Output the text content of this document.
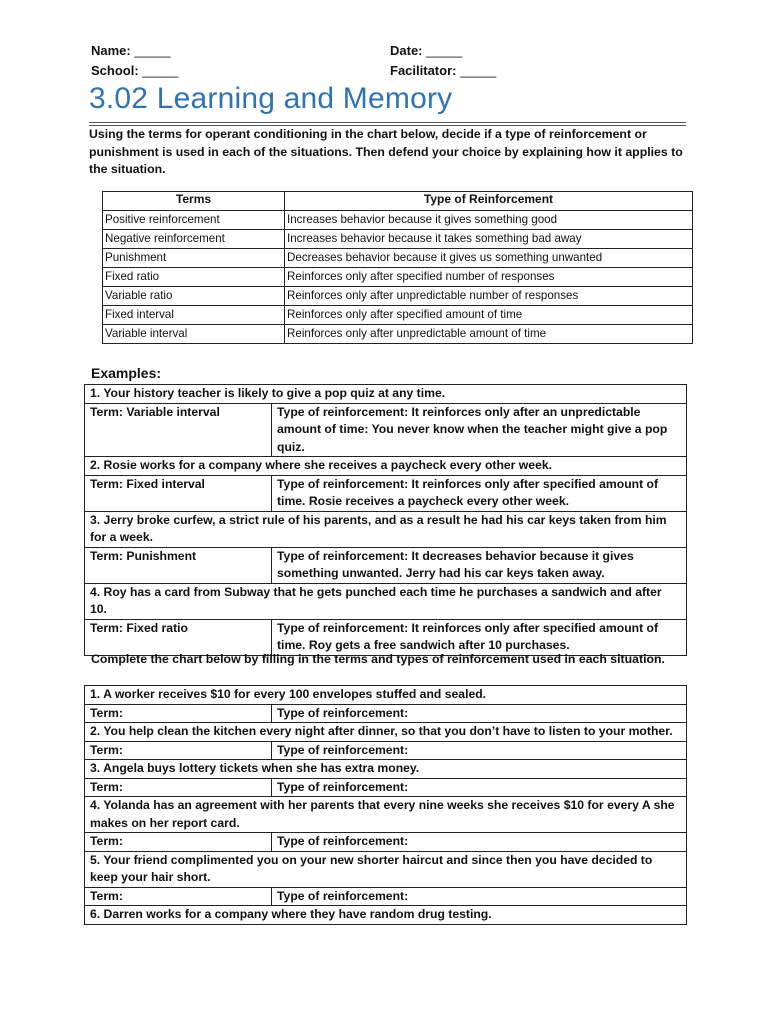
Name: _____
School: _____
Date: _____
Facilitator: _____
3.02 Learning and Memory
Using the terms for operant conditioning in the chart below, decide if a type of reinforcement or punishment is used in each of the situations. Then defend your choice by explaining how it applies to the situation.
Terms	Type of Reinforcement
Positive reinforcement	Increases behavior because it gives something good
Negative reinforcement	Increases behavior because it takes something bad away
Punishment	Decreases behavior because it gives us something unwanted
Fixed ratio	Reinforces only after specified number of responses
Variable ratio	Reinforces only after unpredictable number of responses
Fixed interval	Reinforces only after specified amount of time
Variable interval	Reinforces only after unpredictable amount of time
Examples:
1. Your history teacher is likely to give a pop quiz at any time.	
Term: Variable interval	Type of reinforcement: It reinforces only after an unpredictable amount of time: You never know when the teacher might give a pop quiz.
2. Rosie works for a company where she receives a paycheck every other week.	
Term: Fixed interval	Type of reinforcement: It reinforces only after specified amount of time. Rosie receives a paycheck every other week.
3. Jerry broke curfew, a strict rule of his parents, and as a result he had his car keys taken from him for a week.	
Term: Punishment	Type of reinforcement: It decreases behavior because it gives something unwanted. Jerry had his car keys taken away.
4. Roy has a card from Subway that he gets punched each time he purchases a sandwich and after 10.	
Term: Fixed ratio	Type of reinforcement: It reinforces only after specified amount of time. Roy gets a free sandwich after 10 purchases.
Complete the chart below by filling in the terms and types of reinforcement used in each situation.
1. A worker receives $10 for every 100 envelopes stuffed and sealed.	
Term:	Type of reinforcement:
2. You help clean the kitchen every night after dinner, so that you don’t have to listen to your mother.	
Term:	Type of reinforcement:
3. Angela buys lottery tickets when she has extra money.	
Term:	Type of reinforcement:
4. Yolanda has an agreement with her parents that every nine weeks she receives $10 for every A she makes on her report card.	
Term:	Type of reinforcement:
5. Your friend complimented you on your new shorter haircut and since then you have decided to keep your hair short.	
Term:	Type of reinforcement:
6. Darren works for a company where they have random drug testing.	
